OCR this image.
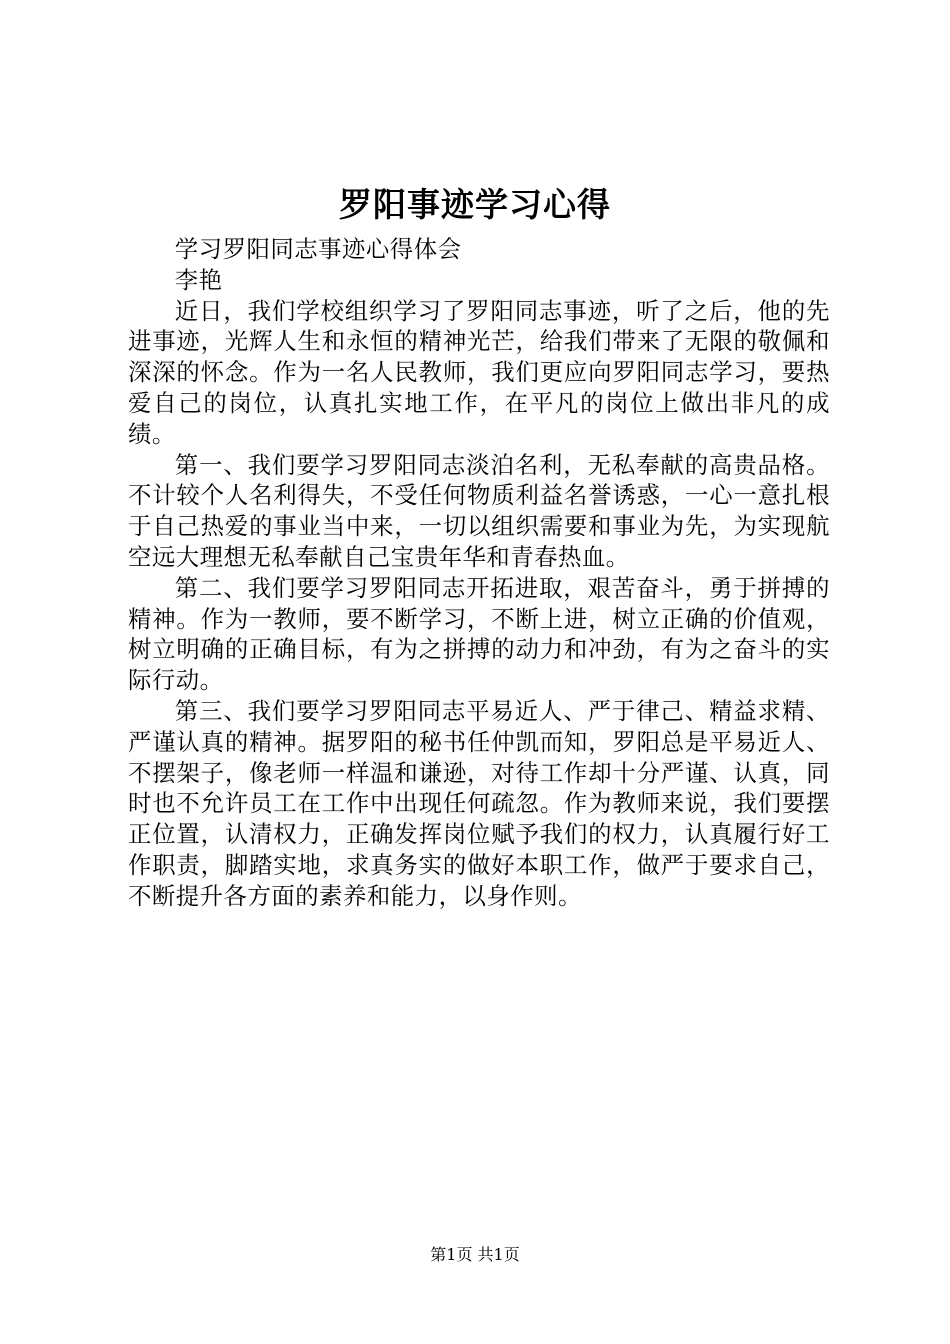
罗阳事迹学习心得

学习罗阳同志事迹心得体会

李艳

近日，我们学校组织学习了罗阳同志事迹，听了之后，他的先进事迹，光辉人生和永恒的精神光芒，给我们带来了无限的敬佩和深深的怀念。作为一名人民教师，我们更应向罗阳同志学习，要热爱自己的岗位，认真扎实地工作，在平凡的岗位上做出非凡的成绩。

第一、我们要学习罗阳同志淡泊名利，无私奉献的高贵品格。不计较个人名利得失，不受任何物质利益名誉诱惑，一心一意扎根于自己热爱的事业当中来，一切以组织需要和事业为先，为实现航空远大理想无私奉献自己宝贵年华和青春热血。

第二、我们要学习罗阳同志开拓进取，艰苦奋斗，勇于拼搏的精神。作为一教师，要不断学习，不断上进，树立正确的价值观，树立明确的正确目标，有为之拼搏的动力和冲劲，有为之奋斗的实际行动。

第三、我们要学习罗阳同志平易近人、严于律己、精益求精、严谨认真的精神。据罗阳的秘书任仲凯而知，罗阳总是平易近人、不摆架子，像老师一样温和谦逊，对待工作却十分严谨、认真，同时也不允许员工在工作中出现任何疏忽。作为教师来说，我们要摆正位置，认清权力，正确发挥岗位赋予我们的权力，认真履行好工作职责，脚踏实地，求真务实的做好本职工作，做严于要求自己，不断提升各方面的素养和能力，以身作则。

第1页 共1页
